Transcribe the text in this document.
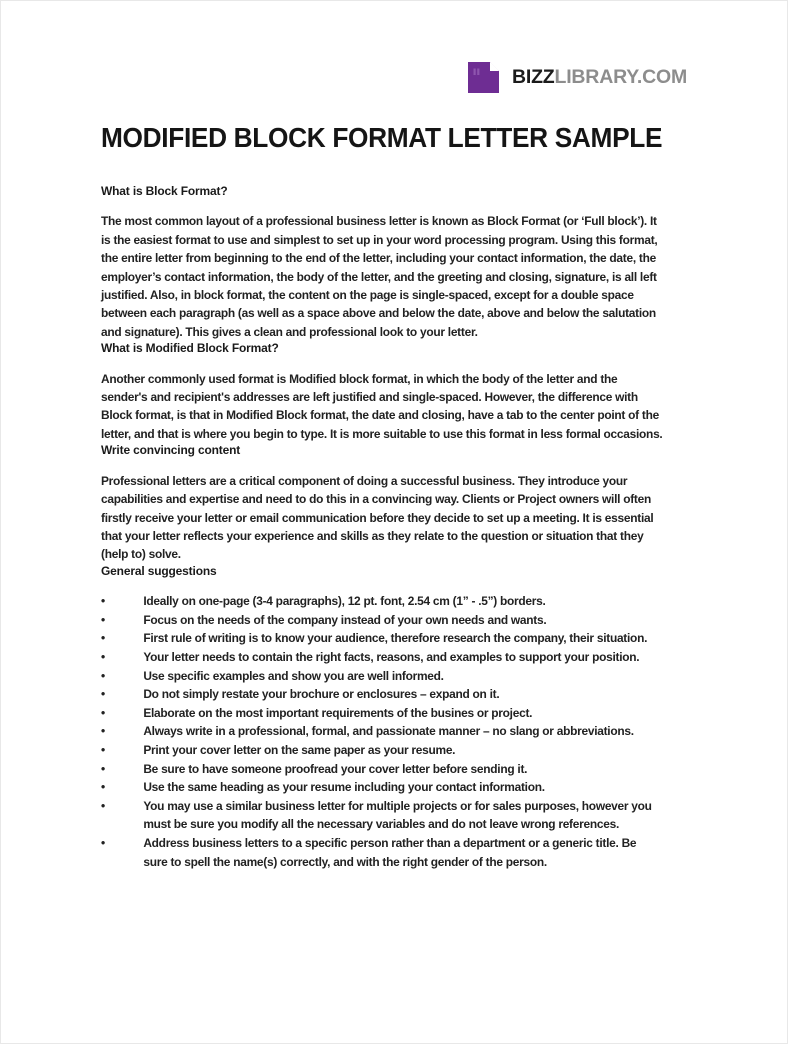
BIZZLIBRARY.COM
MODIFIED BLOCK FORMAT LETTER SAMPLE
What is Block Format?

The most common layout of a professional business letter is known as Block Format (or ‘Full block’). It is the easiest format to use and simplest to set up in your word processing program. Using this format, the entire letter from beginning to the end of the letter, including your contact information, the date, the employer’s contact information, the body of the letter, and the greeting and closing, signature, is all left justified. Also, in block format, the content on the page is single-spaced, except for a double space between each paragraph (as well as a space above and below the date, above and below the salutation and signature). This gives a clean and professional look to your letter.

What is Modified Block Format?

Another commonly used format is Modified block format, in which the body of the letter and the sender's and recipient's addresses are left justified and single-spaced. However, the difference with Block format, is that in Modified Block format, the date and closing, have a tab to the center point of the letter, and that is where you begin to type. It is more suitable to use this format in less formal occasions.

Write convincing content

Professional letters are a critical component of doing a successful business. They introduce your capabilities and expertise and need to do this in a convincing way. Clients or Project owners will often firstly receive your letter or email communication before they decide to set up a meeting. It is essential that your letter reflects your experience and skills as they relate to the question or situation that they (help to) solve.

General suggestions
•	Ideally on one-page (3-4 paragraphs), 12 pt. font, 2.54 cm (1” - .5”) borders.
•	Focus on the needs of the company instead of your own needs and wants.
•	First rule of writing is to know your audience, therefore research the company, their situation.
•	Your letter needs to contain the right facts, reasons, and examples to support your position.
•	Use specific examples and show you are well informed.
•	Do not simply restate your brochure or enclosures – expand on it.
•	Elaborate on the most important requirements of the busines or project.
•	Always write in a professional, formal, and passionate manner – no slang or abbreviations.
•	Print your cover letter on the same paper as your resume.
•	Be sure to have someone proofread your cover letter before sending it.
•	Use the same heading as your resume including your contact information.
•	You may use a similar business letter for multiple projects or for sales purposes, however you must be sure you modify all the necessary variables and do not leave wrong references.
•	Address business letters to a specific person rather than a department or a generic title. Be sure to spell the name(s) correctly, and with the right gender of the person.
